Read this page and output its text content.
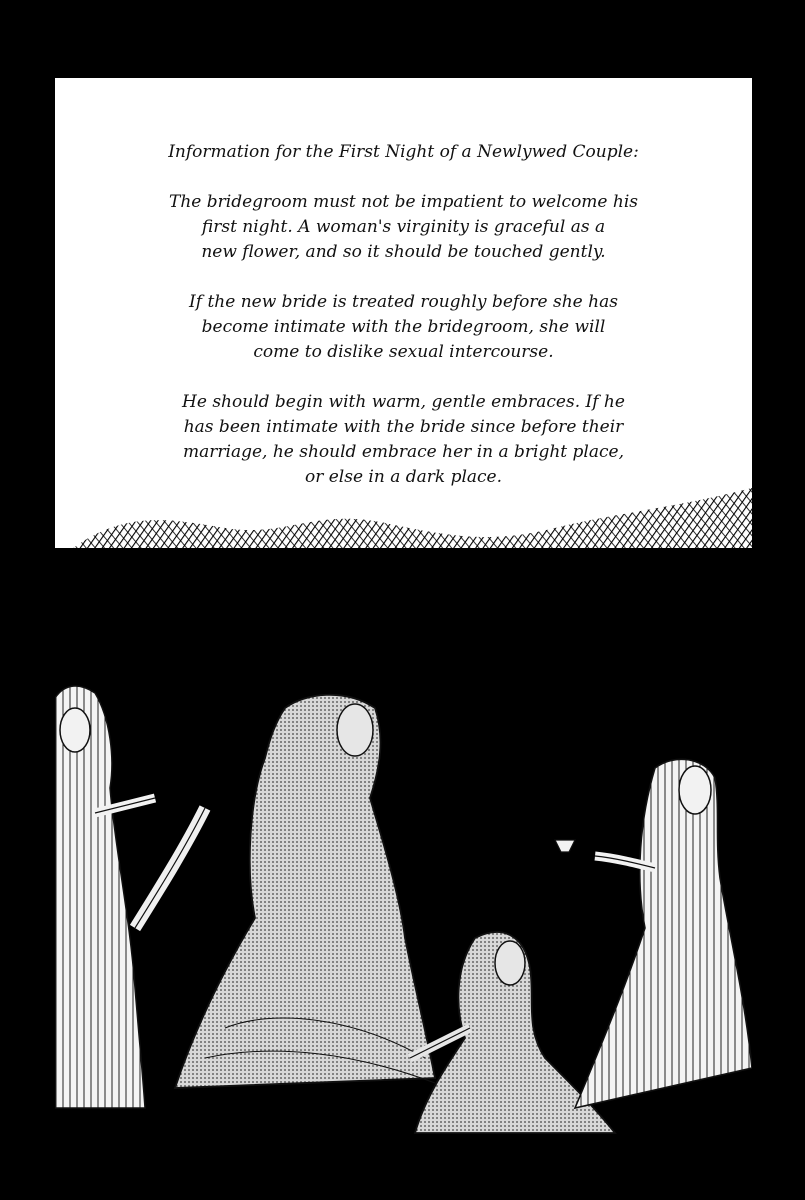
Information for the First Night of a Newlywed Couple:

The bridegroom must not be impatient to welcome his
first night. A woman's virginity is graceful as a
new flower, and so it should be touched gently.

If the new bride is treated roughly before she has
become intimate with the bridegroom, she will
come to dislike sexual intercourse.

He should begin with warm, gentle embraces. If he
has been intimate with the bride since before their
marriage, he should embrace her in a bright place,
or else in a dark place.
